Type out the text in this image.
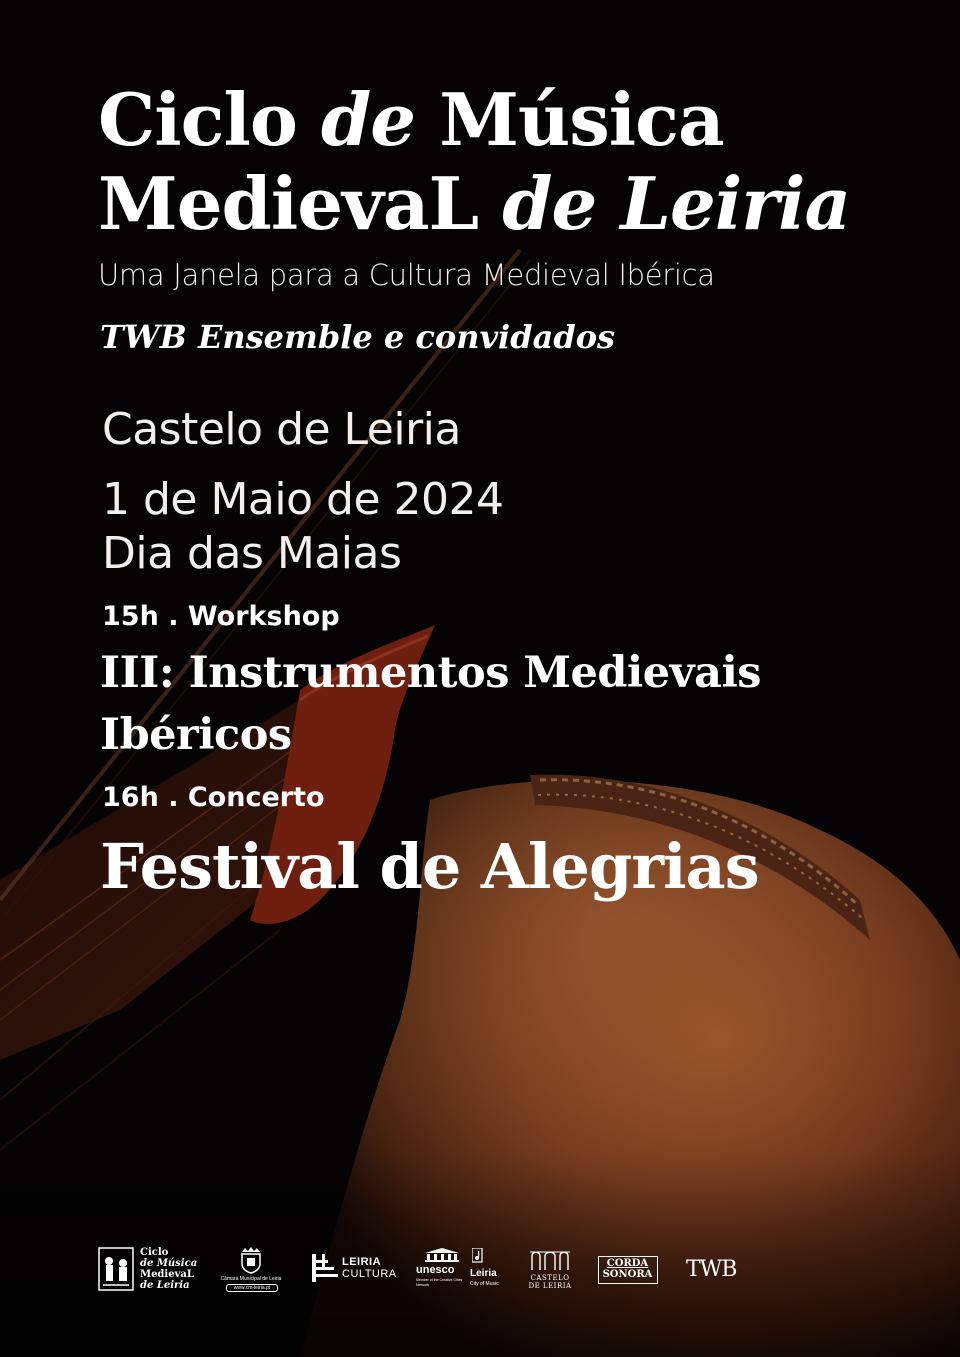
Ciclo de Música
MedievaL de Leiria
Uma Janela para a Cultura Medieval Ibérica
TWB Ensemble e convidados
Castelo de Leiria
1 de Maio de 2024
Dia das Maias
15h . Workshop
III: Instrumentos Medievais
Ibéricos
16h . Concerto
Festival de Alegrias
Ciclo
de Música
MedievaL
de Leiria
Câmara Municipal de Leiria
www.cm-leiria.pt
LEIRIA
CULTURA unesco
Member of the Creative Cities Network
Leiria
City of Music
CASTELO
DE LEIRIA
CORDA
SONORA TWB
